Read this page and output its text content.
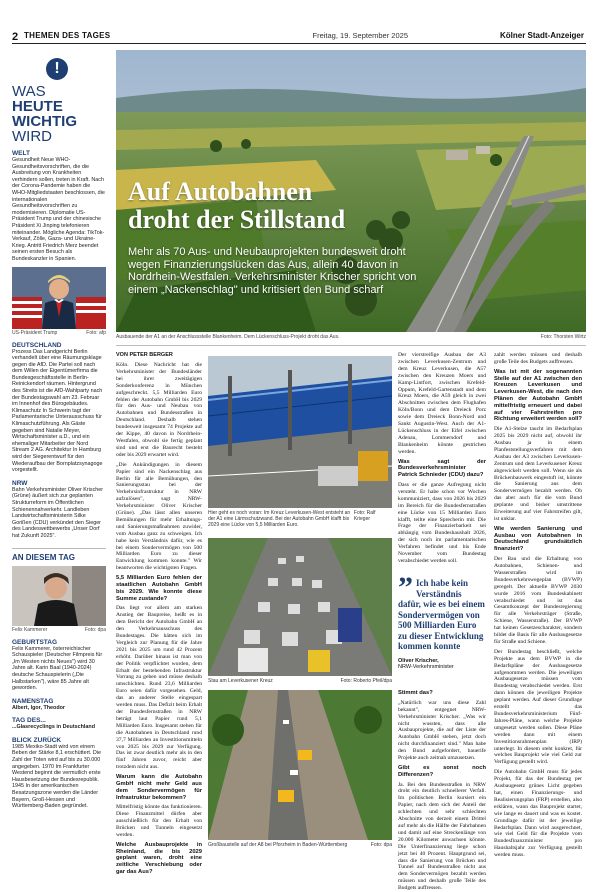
2 THEMEN DES TAGES	Freitag, 19. September 2025	Kölner Stadt-Anzeiger
!
WAS
HEUTE
WICHTIG
WIRD
WELT
Gesundheit Neue WHO-Gesundheitsvorschriften, die die Ausbreitung von Krankheiten verhindern sollen, treten in Kraft. Nach der Corona-Pandemie haben die WHO-Mitgliedstaaten beschlossen, die internationalen Gesundheitsvorschriften zu modernisieren. Diplomatie US-Präsident Trump und der chinesische Präsident Xi Jinping telefonieren miteinander. Mögliche Agenda: TikTok-Verkauf, Zölle, Gaza- und Ukraine-Krieg. Antritt Friedrich Merz beendet seinen ersten Besuch als Bundeskanzler in Spanien.
US-Präsident Trump	Foto: afp
DEUTSCHLAND
Prozess Das Landgericht Berlin verhandelt über eine Räumungsklage gegen die AfD. Die Partei soll nach dem Willen der Eigentümerfirma die Bundesgeschäftsstelle in Berlin-Reinickendorf räumen. Hintergrund des Streits ist die AfD-Wahlparty nach der Bundestagswahl am 23. Februar im Innenhof des Bürogebäudes. Klimaschutz In Schwerin tagt der Parlamentarische Unterausschuss für Klimaschutzführung. Als Gäste gegeben sind Natalie Meyer, Wirtschaftsminister a.D., und ein ehemaliger Mitarbeiter der Nord Stream 2 AG. Architektur In Hamburg wird der Siegerentwurf für den Wiederaufbau der Bornplatzsynagoge vorgestellt.
NRW
Bahn Verkehrsminister Oliver Krischer (Grüne) äußert sich zur geplanten Strukturreform im Öffentlichen Schienennahverkehr. Landleben Landwirtschaftsministerin Silke Gorißen (CDU) verkündet den Sieger des Landeswettbewerbs „Unser Dorf hat Zukunft 2025".
AN DIESEM TAG
Felix Kammerer	Foto: dpa
GEBURTSTAG
Felix Kammerer, österreichischer Schauspieler (Deutscher Filmpreis für „Im Westen nichts Neues") wird 30 Jahre alt. Karin Baal (1940-2024) deutsche Schauspielerin („Die Halbstarken"), wäre 85 Jahre alt geworden.
NAMENSTAG
Albert, Igor, Theodor
TAG DES...
...Glasrecyclings in Deutschland
BLICK ZURÜCK
1985 Mexiko-Stadt wird von einem Beben der Stärke 8,1 erschüttert. Die Zahl der Toten wird auf bis zu 30.000 angegeben. 1970 Im Frankfurter Westend beginnt die vermutlich erste Hausbesetzung der Bundesrepublik. 1945 In der amerikanischen Besatzungszone werden die Länder Bayern, Groß-Hessen und Württemberg-Baden gegründet.
Auf Autobahnen
droht der Stillstand
Mehr als 70 Aus- und Neubauprojekten bundesweit droht wegen Finanzierungslücken das Aus, allein 40 davon in Nordrhein-Westfalen. Verkehrsminister Krischer spricht von einem „Nackenschlag" und kritisiert den Bund scharf
Ausbauende der A1 an der Anschlussstelle Blankenheim. Dem Lückenschluss-Projekt droht das Aus.	Foto: Thorsten Wirtz
VON PETER BERGER

Köln. Diese Nachricht hat die Verkehrsminister der Bundesländer bei ihrer zweitägigen Sonderkonferenz in München aufgeschreckt. 5,5 Milliarden Euro fehlen der Autobahn GmbH bis 2029 für den Aus- und Neubau von Autobahnen und Bundesstraßen in Deutschland. Deshalb stehen bundesweit insgesamt 74 Projekte auf der Kippe, 40 davon in Nordrhein-Westfalen, obwohl sie fertig geplant sind und erst die Baurecht besteht oder bis 2029 erwartet wird.

„Die Ankündigungen in diesem Papier sind ein Nackenschlag aus Berlin für alle Bemühungen, den Sanierungsstau bei der Verkehrsinfrastruktur in NRW aufzulösen", sagt NRW-Verkehrsminister Oliver Krischer (Grüne). „Das lässt allen unseren Bemühungen für mehr Erhaltungs- und Sanierungsmaßnahmen zuwider, vom Ausbau ganz zu schweigen. Ich habe kein Verständnis dafür, wie es bei einem Sondervermögen von 500 Milliarden Euro zu dieser Entwicklung kommen konnte." Wir beantworten die wichtigsten Fragen.

5,5 Milliarden Euro fehlen der staatlichen Autobahn GmbH bis 2029. Wie konnte diese Summe zustande?

Das liegt vor allem am starken Anstieg der Baupreise, heißt es in dem Bericht der Autobahn GmbH an den Verkehrsausschuss des Bundestages. Die hätten sich im Vergleich zur Planung für die Jahre 2021 bis 2025 um rund 42 Prozent erhöht. Darüber hinaus ist man von der Politik verpflichtet worden, dem Erhalt der bestehenden Infrastruktur Vorrang zu geben und müsse deshalb umschichten. Rund 23,6 Milliarden Euro seien dafür vorgesehen. Geld, das an anderer Stelle eingespart werden muss. Das Defizit beim Erhalt der Bundesfernstraßen in NRW beträgt laut Papier rund 5,1 Milliarden Euro. Insgesamt stehen für die Autobahnen in Deutschland rund 37,7 Milliarden an Investitionsmitteln von 2025 bis 2029 zur Verfügung. Das ist zwar deutlich mehr als in den fünf Jahren zuvor, reicht aber trotzdem nicht aus.

Warum kann die Autobahn GmbH nicht mehr Geld aus dem Sondervermögen für Infrastruktur bekommen?

Mittelfristig könnte das funktionieren. Diese Finanzmittel dürfen aber ausschließlich für den Erhalt von Brücken und Tunneln eingesetzt werden.

Welche Ausbauprojekte in Rheinland, die bis 2029 geplant waren, droht eine zeitliche Verschiebung oder gar das Aus?

Hier geht es noch voran: Im Kreuz Leverkusen-West entsteht an der A1 eine Lärmschutzwand. Bei der Autobahn GmbH klafft bis 2029 eine Lücke von 5,5 Milliarden Euro.
Foto: Ralf Krieger
Stau am Leverkusener Kreuz	Foto: Roberto Pfeil/dpa
Großbaustelle auf der A8 bei Pforzheim in Baden-Württemberg	Foto: dpa

Der vierstreifige Ausbau der A3 zwischen Leverkusen-Zentrum und dem Kreuz Leverkusen, die A57 zwischen den Kreuzen Moers und Kamp-Lintfort, zwischen Krefeld-Oppum, Krefeld-Gartenstadt und dem Kreuz Moers, die A59 gleich in zwei Abschnitten zwischen dem Flughafen Köln/Bonn und dem Dreieck Porz sowie dem Dreieck Bonn-Nord und Sankt Augustin-West. Auch der A1-Lückenschluss in der Eifel zwischen Adenau, Lommersdorf und Blankenheim könnte gestrichen werden.

Was sagt der Bundesverkehrsminister Patrick Schnieder (CDU) dazu?

Dass er die ganze Aufregung nicht versteht. Er habe schon vor Wochen kommuniziert, dass von 2026 bis 2029 im Bereich für die Bundesfernstraßen eine Lücke von 15 Milliarden Euro klafft, teilte eine Sprecherin mit. Die Frage der Finanzierbarkeit sei abhängig vom Bundeshaushalt 2026, der sich noch im parlamentarischen Verfahren befindet und bis Ende November vom Bundestag verabschiedet werden soll.

” Ich habe kein Verständnis dafür, wie es bei einem Sondervermögen von 500 Milliarden Euro zu dieser Entwicklung kommen konnte
Oliver Krischer,
NRW-Verkehrsminister

Stimmt das?

„Natürlich war uns diese Zahl bekannt", entgegnet NRW-Verkehrsminister Krischer. „Was wir nicht wussten, dass alle Ausbauprojekte, die auf der Liste der Autobahn GmbH stehen, jetzt doch nicht durchfinanziert sind." Man habe den Bund aufgefordert, bauerife Projekte auch zeitnah umzusetzen.

Gibt es sonst noch Differenzen?

Ja. Bei den Bundesstraßen in NRW droht ein deutlich schnellerer Verfall. Im politischen Berlin kursiert ein Papier, nach dem sich der Anteil der schlechten und sehr schlechten Abschnitte von derzeit einem Drittel auf mehr als die Hälfte der Fahrbahnen und damit auf eine Streckenlänge von 20.000 Kilometer anwachsen könnte. Die Unterfinanzierung liege schon jetzt bei 40 Prozent. Hauptgrund sei, dass die Sanierung von Brücken und Tunnel auf Bundesstraßen nicht aus dem Sondervermögen bezahlt werden müssen und deshalb große Teile des Budgets auffressen.

zahlt werden müssen und deshalb große Teile des Budgets auffressen.

Was ist mit der sogenannten Stelle auf der A1 zwischen den Kreuzen Leverkusen und Leverkusen-West, die nach den Plänen der Autobahn GmbH mittelfristig erneuert und dabei auf vier Fahrstreifen pro Richtung erweitert werden soll?

Die A1-Stelze taucht im Bedarfsplan 2025 bis 2029 nicht auf, obwohl ihr Ausbau ja in einem Planfeststellungsverfahren mit dem Ausbau der A3 zwischen Leverkusen-Zentrum und dem Leverkusener Kreuz abgewickelt werden soll. Wenn sie als Brückenbauwerk eingestuft ist, könnte die Sanierung aus dem Sondervermögen bezahlt werden. Ob das aber auch für die vom Bund geplante und bisher umstrittene Erweiterung auf vier Fahrstreifen gilt, ist unklar.

Wie werden Sanierung und Ausbau von Autobahnen in Deutschland grundsätzlich finanziert?

Der Bau und die Erhaltung von Autobahnen, Schienen- und Wasserstraßen wird im Bundesverkehrswegeplan (BVWP) geregelt. Der aktuelle BVWP 2030 wurde 2016 vom Bundeskabinett verabschiedet und ist das Gesamtkonzept der Bundesregierung für alle Verkehrsträger (Straße, Schiene, Wasserstraße). Der BVWP hat keinen Gesetzescharakter, sondern bildet die Basis für alle Ausbaugesetze für Straße und Schiene.

Der Bundestag beschließt, welche Projekte aus dem BVWP in die Bedarfspläne der Ausbaugesetze aufgenommen werden. Die jeweiligen Ausbaugesetze müssen vom Bundestag verabschiedet werden. Erst dann können die jeweiligen Projekte geplant werden. Auf dieser Grundlage erstellt das Bundesverkehrsministerium Fünf-Jahres-Pläne, wann welche Projekte umgesetzt werden sollen. Diese Pläne werden dann mit einem Investitionsrahmenplan (IRP) unterlegt. In diesem steht konkret, für welches Bauprojekt wie viel Geld zur Verfügung gestellt wird.

Die Autobahn GmbH muss für jedes Projekt, für das der Bundestag per Ausbaugesetz grünes Licht gegeben hat, einen Finanzierungs- und Realisierungsplan (FRP) erstellen, also erklären, wann das Bauprojekt startet, wie lange es dauert und was es kostet. Grundlage dafür ist der jeweilige Bedarfsplan. Dann wird ausgerechnet, wie viel Geld für die Projekte vom Bundesfinanzminister pro Haushaltsjahr zur Verfügung gestellt werden muss.
